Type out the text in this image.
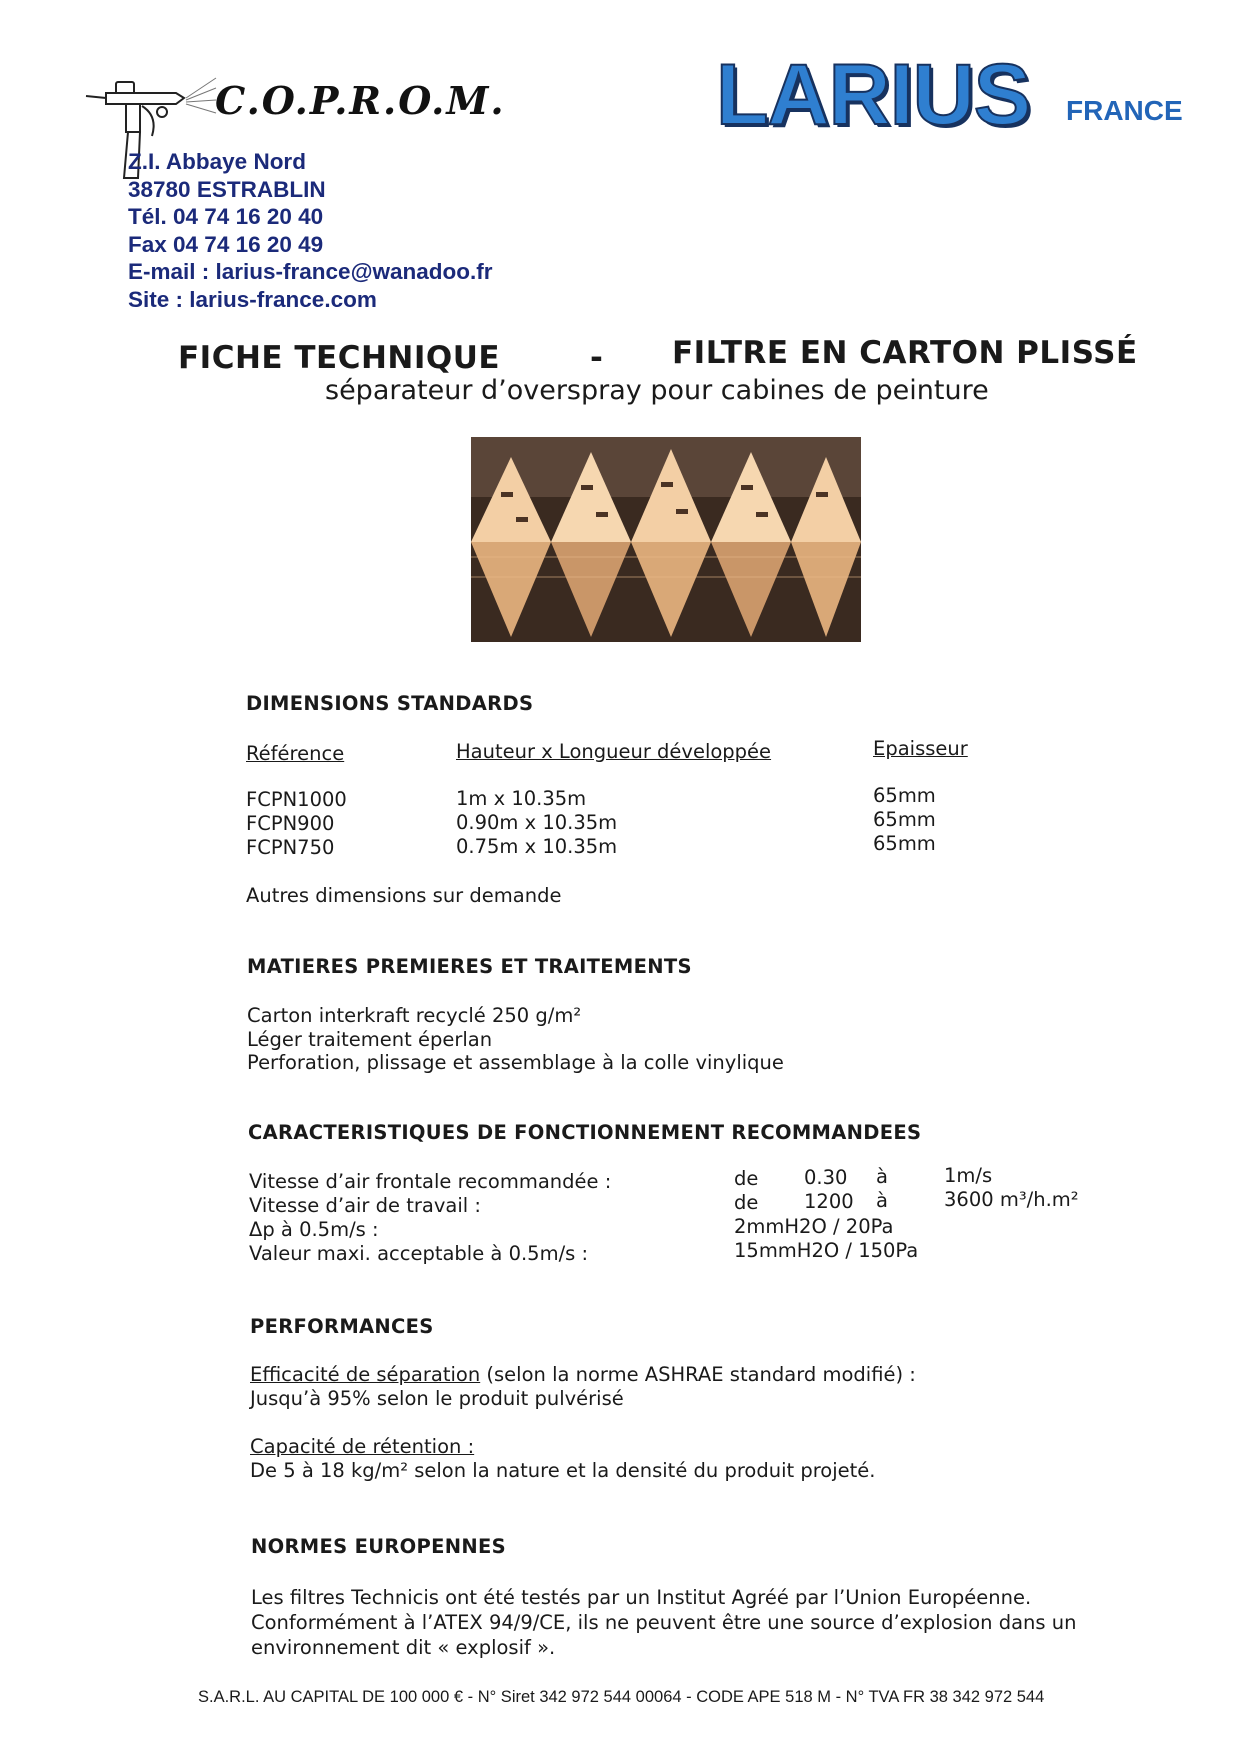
C.O.P.R.O.M.
Z.I. Abbaye Nord
38780 ESTRABLIN
Tél. 04 74 16 20 40
Fax 04 74 16 20 49
E-mail : larius-france@wanadoo.fr
Site : larius-france.com
LARIUS FRANCE
FICHE TECHNIQUE	- FILTRE EN CARTON PLISSÉ
séparateur d’overspray pour cabines de peinture
DIMENSIONS STANDARDS
Référence	Hauteur x Longueur développée	Epaisseur
FCPN1000	1m x 10.35m	65mm
FCPN900	0.90m x 10.35m	65mm
FCPN750	0.75m x 10.35m	65mm
Autres dimensions sur demande
MATIERES PREMIERES ET TRAITEMENTS
Carton interkraft recyclé 250 g/m²
Léger traitement éperlan
Perforation, plissage et assemblage à la colle vinylique
CARACTERISTIQUES DE FONCTIONNEMENT RECOMMANDEES
Vitesse d’air frontale recommandée :	de 0.30 à	1m/s
Vitesse d’air de travail :	de 1200 à	3600 m³/h.m²
Δp à 0.5m/s :	2mmH2O / 20Pa
Valeur maxi. acceptable à 0.5m/s :	15mmH2O / 150Pa
PERFORMANCES
Efficacité de séparation (selon la norme ASHRAE standard modifié) :
Jusqu’à 95% selon le produit pulvérisé
Capacité de rétention :
De 5 à 18 kg/m² selon la nature et la densité du produit projeté.
NORMES EUROPENNES
Les filtres Technicis ont été testés par un Institut Agréé par l’Union Européenne.
Conformément à l’ATEX 94/9/CE, ils ne peuvent être une source d’explosion dans un
environnement dit « explosif ».
S.A.R.L. AU CAPITAL DE 100 000 € - N° Siret 342 972 544 00064 - CODE APE 518 M - N° TVA FR 38 342 972 544
